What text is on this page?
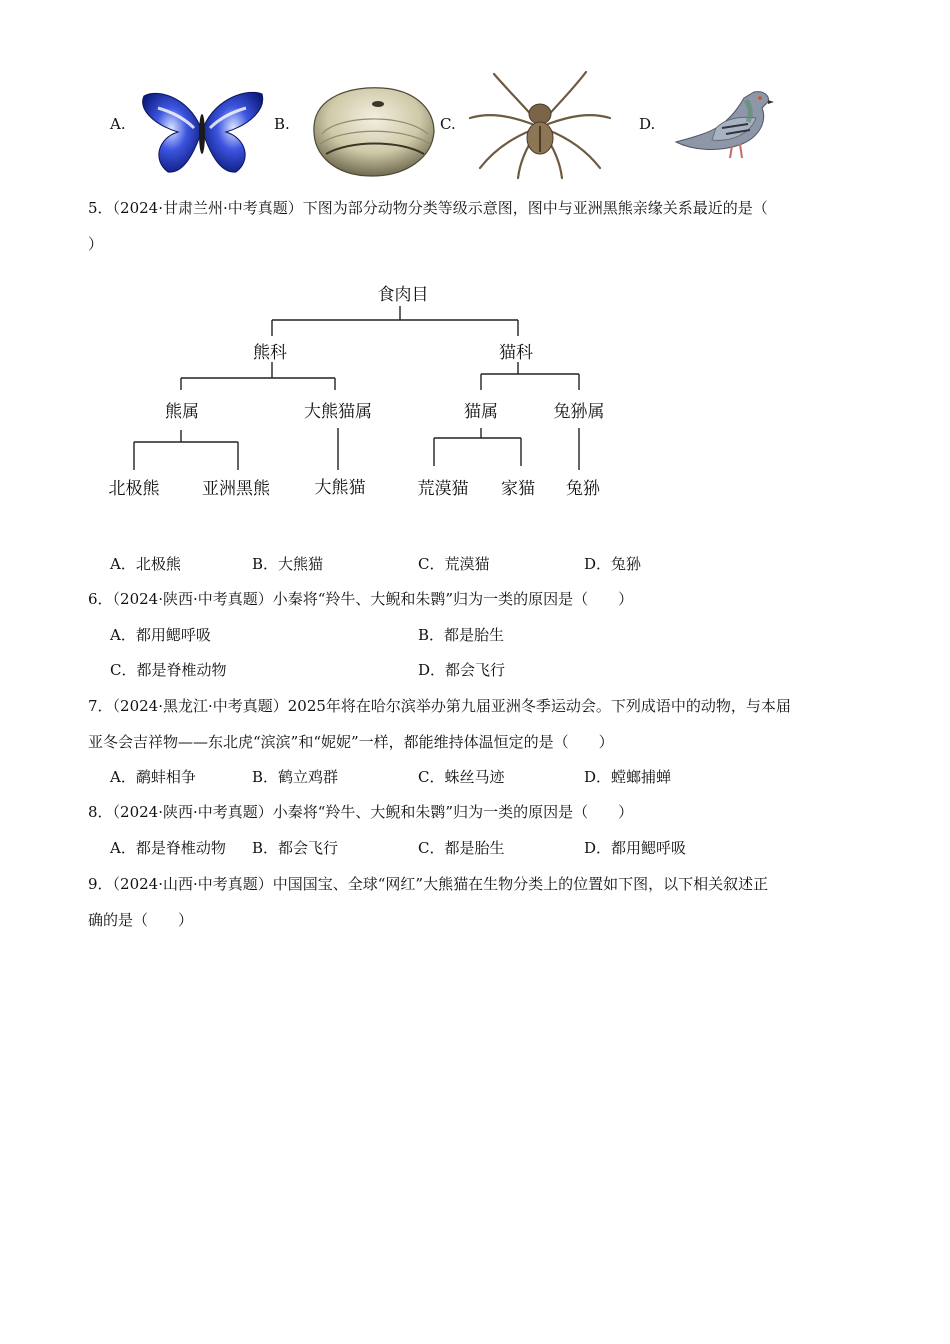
A.	B.	C.	D.
5．（2024·甘肃兰州·中考真题）下图为部分动物分类等级示意图，图中与亚洲黑熊亲缘关系最近的是（
）
食肉目
熊科	猫科
熊属	大熊猫属	猫属	兔狲属
北极熊	亚洲黑熊	大熊猫	荒漠猫 家猫 兔狲
A．北极熊	B．大熊猫	C．荒漠猫	D．兔狲
6．（2024·陕西·中考真题）小秦将“羚牛、大鲵和朱鹮”归为一类的原因是（　　）
A．都用鳃呼吸	B．都是胎生
C．都是脊椎动物	D．都会飞行
7．（2024·黑龙江·中考真题）2025年将在哈尔滨举办第九届亚洲冬季运动会。下列成语中的动物，与本届
亚冬会吉祥物——东北虎“滨滨”和“妮妮”一样，都能维持体温恒定的是（　　）
A．鹬蚌相争	B．鹤立鸡群	C．蛛丝马迹	D．螳螂捕蝉
8．（2024·陕西·中考真题）小秦将“羚牛、大鲵和朱鹮”归为一类的原因是（　　）
A．都是脊椎动物 B．都会飞行	C．都是胎生	D．都用鳃呼吸
9．（2024·山西·中考真题）中国国宝、全球“网红”大熊猫在生物分类上的位置如下图，以下相关叙述正
确的是（　　）
